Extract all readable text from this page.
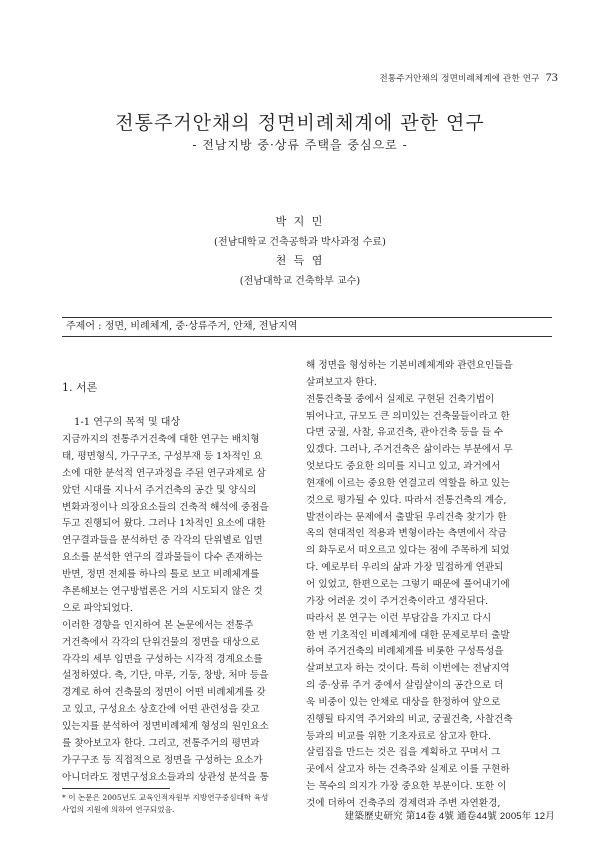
전통주거안채의 정면비례체계에 관한 연구 73
전통주거안채의 정면비례체계에 관한 연구
- 전남지방 중·상류 주택을 중심으로 -
박 지 민
(전남대학교 건축공학과 박사과정 수료)
천 득 염
(전남대학교 건축학부 교수)
주제어 : 정면, 비례체계, 중·상류주거, 안채, 전남지역
1. 서론
1-1 연구의 목적 및 대상
지금까지의 전통주거건축에 대한 연구는 배치형
태, 평면형식, 가구구조, 구성부재 등 1차적인 요
소에 대한 분석적 연구과정을 주된 연구과제로 삼
았던 시대를 지나서 주거건축의 공간 및 양식의
변화과정이나 의장요소들의 건축적 해석에 중점을
두고 진행되어 왔다. 그러나 1차적인 요소에 대한
연구결과들을 분석하던 중 각각의 단위별로 입면
요소를 분석한 연구의 결과물들이 다수 존재하는
반면, 정면 전체를 하나의 틀로 보고 비례체계를
추론해보는 연구방법론은 거의 시도되지 않은 것
으로 파악되었다.
이러한 경향을 인지하여 본 논문에서는 전통주
거건축에서 각각의 단위건물의 정면을 대상으로
각각의 세부 입면을 구성하는 시각적 경계요소를
설정하였다. 축, 기단, 마루, 기둥, 창방, 처마 등을
경계로 하여 건축물의 정면이 어떤 비례체계를 갖
고 있고, 구성요소 상호간에 어떤 관련성을 갖고
있는지를 분석하여 정면비례체계 형성의 원인요소
를 찾아보고자 한다. 그리고, 전통주거의 평면과
가구구조 등 직접적으로 정면을 구성하는 요소가
아니더라도 정면구성요소들과의 상관성 분석을 통
해 정면을 형성하는 기본비례체계와 관련요인들을
살펴보고자 한다.
전통건축물 중에서 실제로 구현된 건축기법이
뛰어나고, 규모도 큰 의미있는 건축물들이라고 한
다면 궁궐, 사찰, 유교건축, 관아건축 등을 들 수
있겠다. 그러나, 주거건축은 삶이라는 부분에서 무
엇보다도 중요한 의미를 지니고 있고, 과거에서
현재에 이르는 중요한 연결고리 역할을 하고 있는
것으로 평가될 수 있다. 따라서 전통건축의 계승,
발전이라는 문제에서 출발된 우리건축 찾기가 한
옥의 현대적인 적용과 변형이라는 측면에서 작금
의 화두로서 떠오르고 있다는 점에 주목하게 되었
다. 예로부터 우리의 삶과 가장 밀접하게 연관되
어 있었고, 한편으로는 그렇기 때문에 풀어내기에
가장 어려운 것이 주거건축이라고 생각된다.
따라서 본 연구는 이런 부담감을 가지고 다시
한 번 기초적인 비례체계에 대한 문제로부터 출발
하여 주거건축의 비례체계를 비롯한 구성특성을
살펴보고자 하는 것이다. 특히 이번에는 전남지역
의 중·상류 주거 중에서 살림살이의 공간으로 더
욱 비중이 있는 안채로 대상을 한정하여 앞으로
진행될 타지역 주거와의 비교, 궁궐건축, 사찰건축
등과의 비교를 위한 기초자료로 삼고자 한다.
살림집을 만드는 것은 집을 계획하고 꾸며서 그
곳에서 살고자 하는 건축주와 실제로 이를 구현하
는 목수의 의지가 가장 중요한 부분이다. 또한 이
것에 더하여 건축주의 경제력과 주변 자연환경,
* 이 논문은 2005년도 교육인적자원부 지방연구중심대학 육성
사업의 지원에 의하여 연구되었음.
建築歷史研究 第14卷 4號 通卷44號 2005年 12月
